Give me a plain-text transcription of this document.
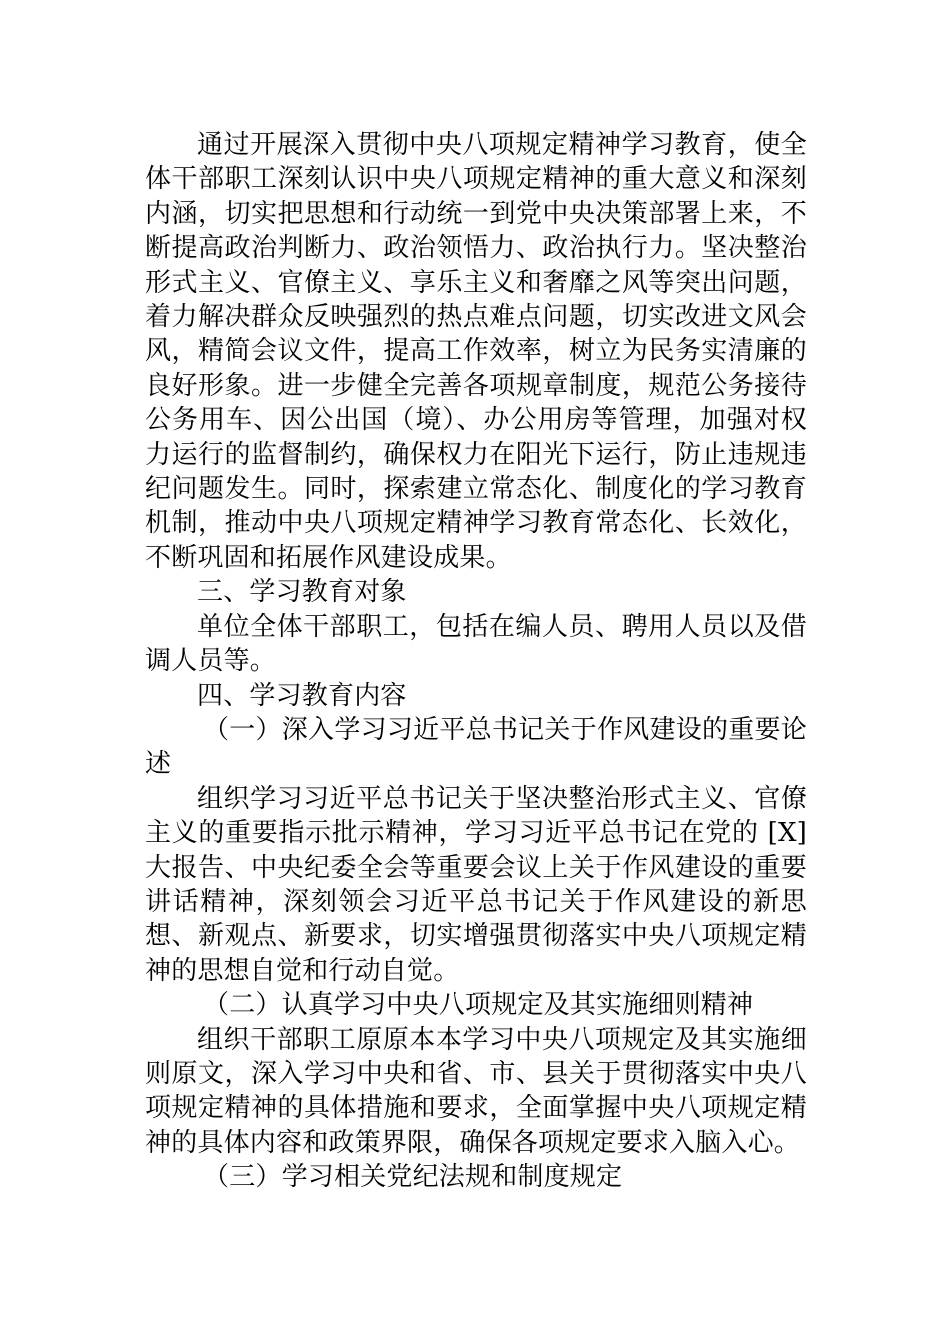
通过开展深入贯彻中央八项规定精神学习教育，使全体干部职工深刻认识中央八项规定精神的重大意义和深刻内涵，切实把思想和行动统一到党中央决策部署上来，不断提高政治判断力、政治领悟力、政治执行力。坚决整治形式主义、官僚主义、享乐主义和奢靡之风等突出问题，着力解决群众反映强烈的热点难点问题，切实改进文风会风，精简会议文件，提高工作效率，树立为民务实清廉的良好形象。进一步健全完善各项规章制度，规范公务接待公务用车、因公出国（境）、办公用房等管理，加强对权力运行的监督制约，确保权力在阳光下运行，防止违规违纪问题发生。同时，探索建立常态化、制度化的学习教育机制，推动中央八项规定精神学习教育常态化、长效化，不断巩固和拓展作风建设成果。

三、学习教育对象

单位全体干部职工，包括在编人员、聘用人员以及借调人员等。

四、学习教育内容

（一）深入学习习近平总书记关于作风建设的重要论述

组织学习习近平总书记关于坚决整治形式主义、官僚主义的重要指示批示精神，学习习近平总书记在党的 [X] 大报告、中央纪委全会等重要会议上关于作风建设的重要讲话精神，深刻领会习近平总书记关于作风建设的新思想、新观点、新要求，切实增强贯彻落实中央八项规定精神的思想自觉和行动自觉。

（二）认真学习中央八项规定及其实施细则精神

组织干部职工原原本本学习中央八项规定及其实施细则原文，深入学习中央和省、市、县关于贯彻落实中央八项规定精神的具体措施和要求，全面掌握中央八项规定精神的具体内容和政策界限，确保各项规定要求入脑入心。

（三）学习相关党纪法规和制度规定
